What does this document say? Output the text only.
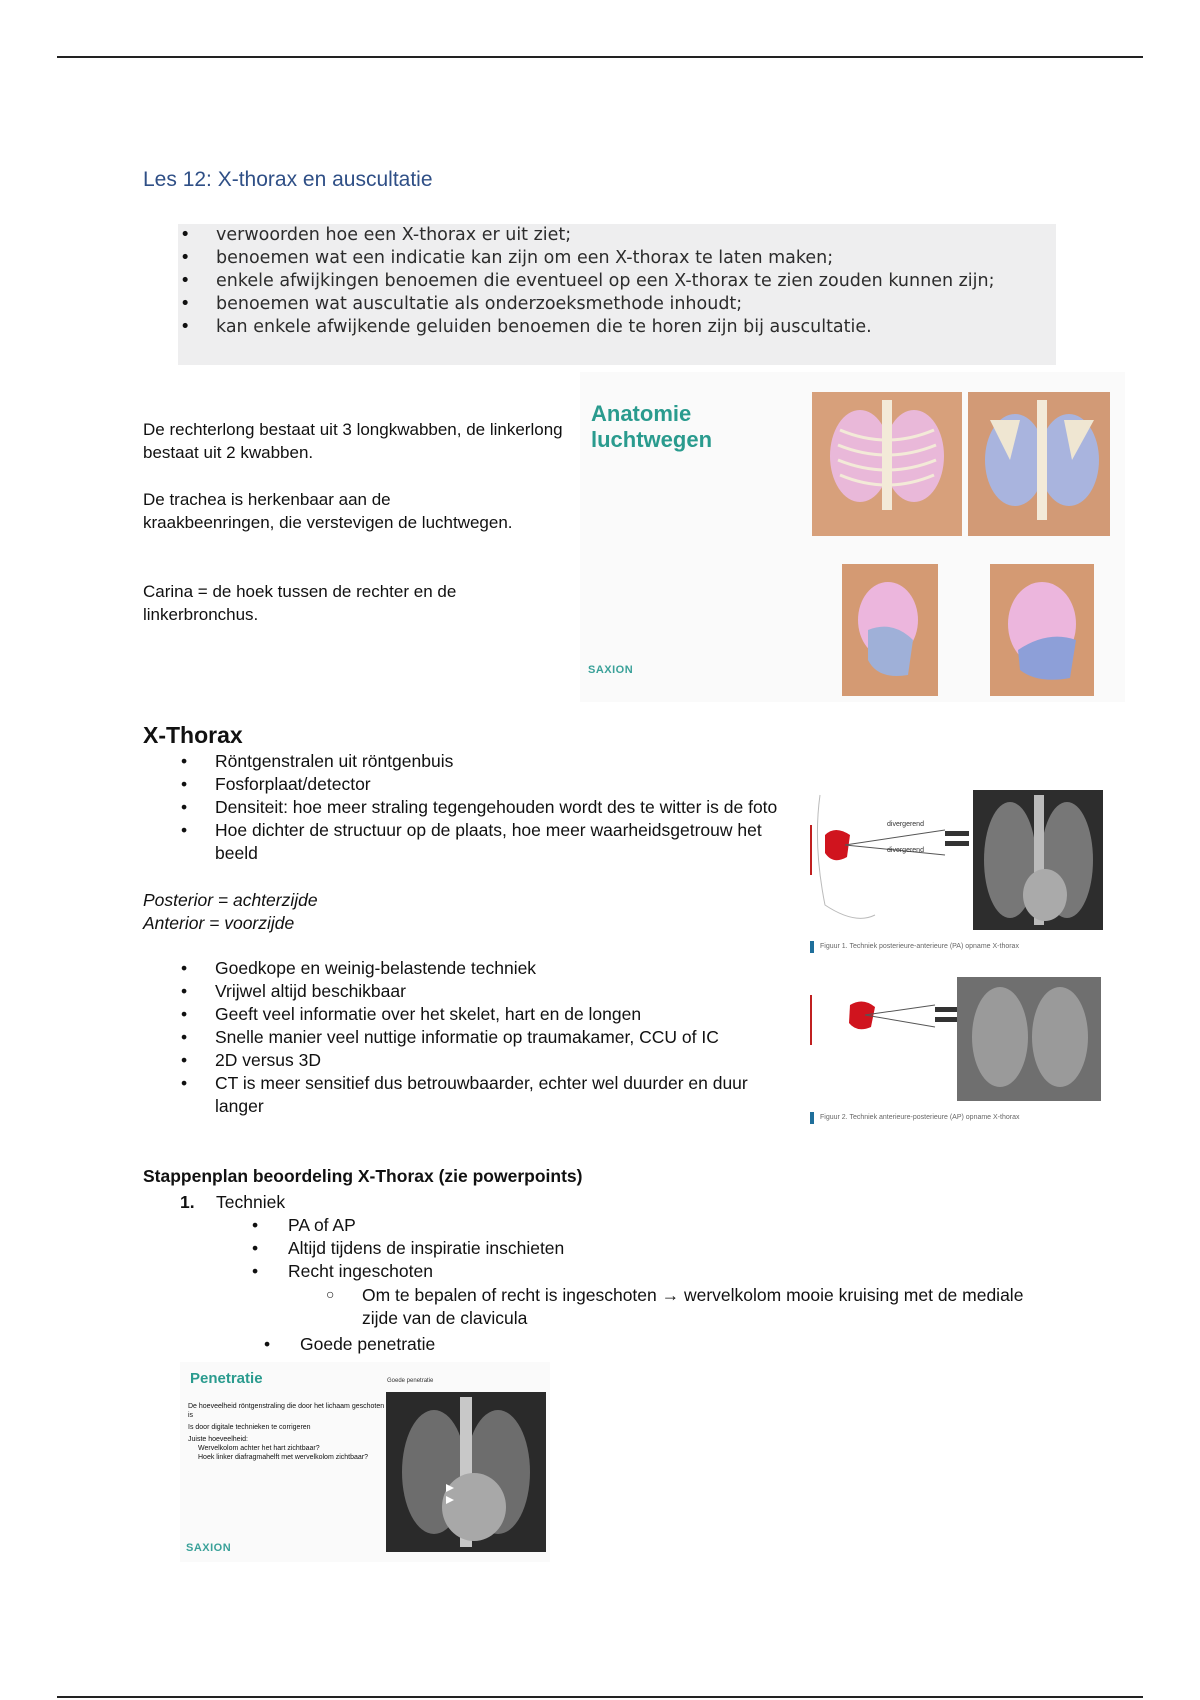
Les 12: X-thorax en auscultatie
• verwoorden hoe een X-thorax er uit ziet;
• benoemen wat een indicatie kan zijn om een X-thorax te laten maken;
• enkele afwijkingen benoemen die eventueel op een X-thorax te zien zouden kunnen zijn;
• benoemen wat auscultatie als onderzoeksmethode inhoudt;
• kan enkele afwijkende geluiden benoemen die te horen zijn bij auscultatie.
De rechterlong bestaat uit 3 longkwabben, de linkerlong bestaat uit 2 kwabben.
De trachea is herkenbaar aan de kraakbeenringen, die verstevigen de luchtwegen.
Carina = de hoek tussen de rechter en de linkerbronchus.
Anatomie
luchtwegen
SAXION
X-Thorax
• Röntgenstralen uit röntgenbuis
• Fosforplaat/detector
• Densiteit: hoe meer straling tegengehouden wordt des te witter is de foto
• Hoe dichter de structuur op de plaats, hoe meer waarheidsgetrouw het beeld
Posterior = achterzijde
Anterior = voorzijde
• Goedkope en weinig-belastende techniek
• Vrijwel altijd beschikbaar
• Geeft veel informatie over het skelet, hart en de longen
• Snelle manier veel nuttige informatie op traumakamer, CCU of IC
• 2D versus 3D
• CT is meer sensitief dus betrouwbaarder, echter wel duurder en duur langer
divergerend
divergerend
Figuur 1. Techniek posterieure-anterieure (PA) opname X-thorax
Figuur 2. Techniek anterieure-posterieure (AP) opname X-thorax
Stappenplan beoordeling X-Thorax (zie powerpoints)
1. Techniek
• PA of AP
• Altijd tijdens de inspiratie inschieten
• Recht ingeschoten
○ Om te bepalen of recht is ingeschoten → wervelkolom mooie kruising met de mediale zijde van de clavicula
• Goede penetratie
Penetratie
De hoeveelheid röntgenstraling die door het lichaam geschoten is
Is door digitale technieken te corrigeren
Juiste hoeveelheid:
Wervelkolom achter het hart zichtbaar?
Hoek linker diafragmahelft met wervelkolom zichtbaar?
Goede penetratie
SAXION
